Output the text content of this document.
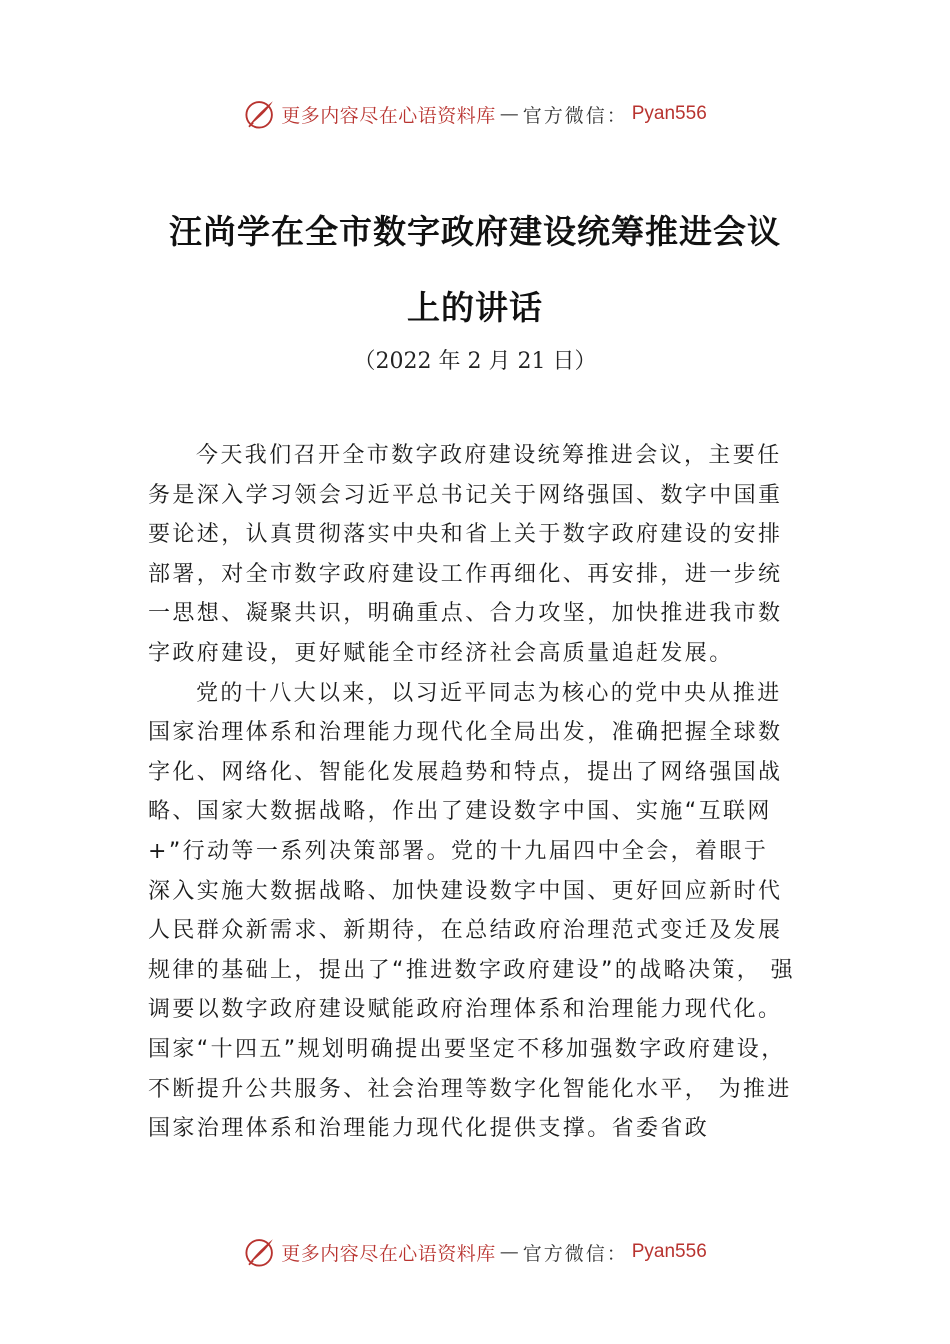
更多内容尽在心语资料库 — 官方微信： Pyan556
汪尚学在全市数字政府建设统筹推进会议
上的讲话
（2022 年 2 月 21 日）
今天我们召开全市数字政府建设统筹推进会议，主要任
务是深入学习领会习近平总书记关于网络强国、数字中国重
要论述，认真贯彻落实中央和省上关于数字政府建设的安排
部署，对全市数字政府建设工作再细化、再安排，进一步统
一思想、凝聚共识，明确重点、合力攻坚，加快推进我市数
字政府建设，更好赋能全市经济社会高质量追赶发展。
党的十八大以来，以习近平同志为核心的党中央从推进
国家治理体系和治理能力现代化全局出发，准确把握全球数
字化、网络化、智能化发展趋势和特点，提出了网络强国战
略、国家大数据战略，作出了建设数字中国、实施“互联网
+”行动等一系列决策部署。党的十九届四中全会，着眼于
深入实施大数据战略、加快建设数字中国、更好回应新时代
人民群众新需求、新期待，在总结政府治理范式变迁及发展
规律的基础上，提出了“推进数字政府建设”的战略决策， 强
调要以数字政府建设赋能政府治理体系和治理能力现代化。
国家“十四五”规划明确提出要坚定不移加强数字政府建设，
不断提升公共服务、社会治理等数字化智能化水平， 为推进
国家治理体系和治理能力现代化提供支撑。省委省政
更多内容尽在心语资料库 — 官方微信： Pyan556
